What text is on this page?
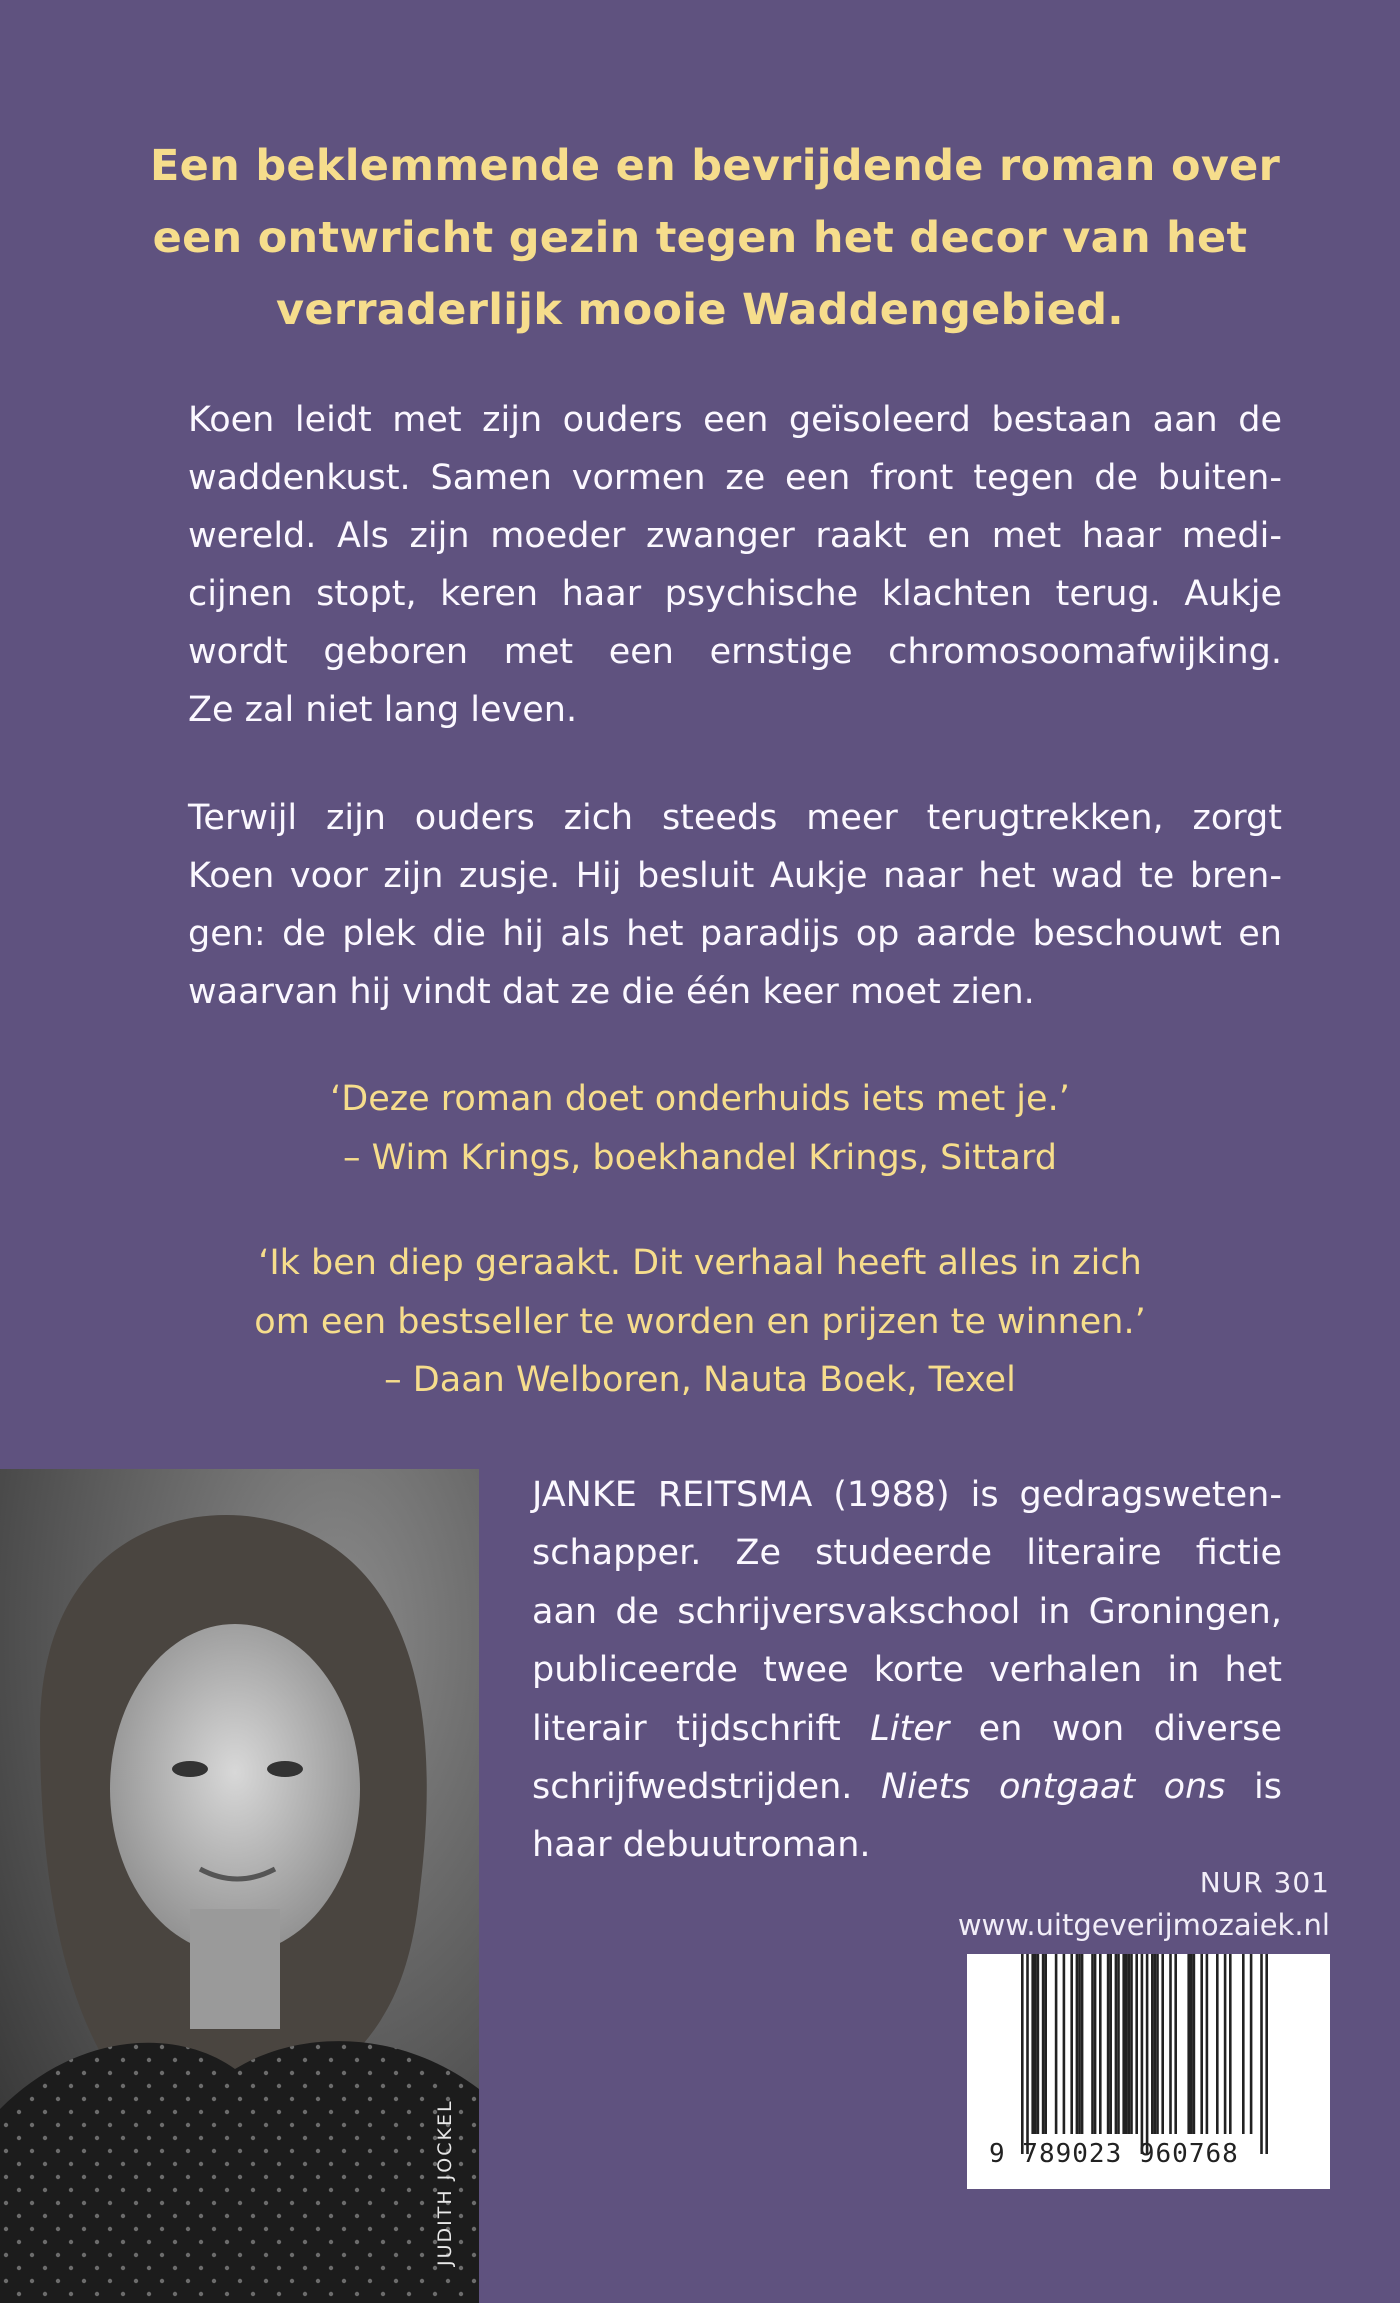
Een beklemmende en bevrijdende roman over
een ontwricht gezin tegen het decor van het
verraderlijk mooie Waddengebied.
Koen leidt met zijn ouders een geïsoleerd bestaan aan de
waddenkust. Samen vormen ze een front tegen de buiten-
wereld. Als zijn moeder zwanger raakt en met haar medi-
cijnen stopt, keren haar psychische klachten terug. Aukje
wordt geboren met een ernstige chromosoomafwijking.
Ze zal niet lang leven.
Terwijl zijn ouders zich steeds meer terugtrekken, zorgt
Koen voor zijn zusje. Hij besluit Aukje naar het wad te bren-
gen: de plek die hij als het paradijs op aarde beschouwt en
waarvan hij vindt dat ze die één keer moet zien.
‘Deze roman doet onderhuids iets met je.’
– Wim Krings, boekhandel Krings, Sittard
‘Ik ben diep geraakt. Dit verhaal heeft alles in zich
om een bestseller te worden en prijzen te winnen.’
– Daan Welboren, Nauta Boek, Texel
JUDITH JOCKEL
JANKE REITSMA (1988) is gedragsweten-
schapper. Ze studeerde literaire fictie
aan de schrijversvakschool in Groningen,
publiceerde twee korte verhalen in het
literair tijdschrift Liter en won diverse
schrijfwedstrijden. Niets ontgaat ons is
haar debuutroman.
NUR 301
www.uitgeverijmozaiek.nl
9 789023 960768
